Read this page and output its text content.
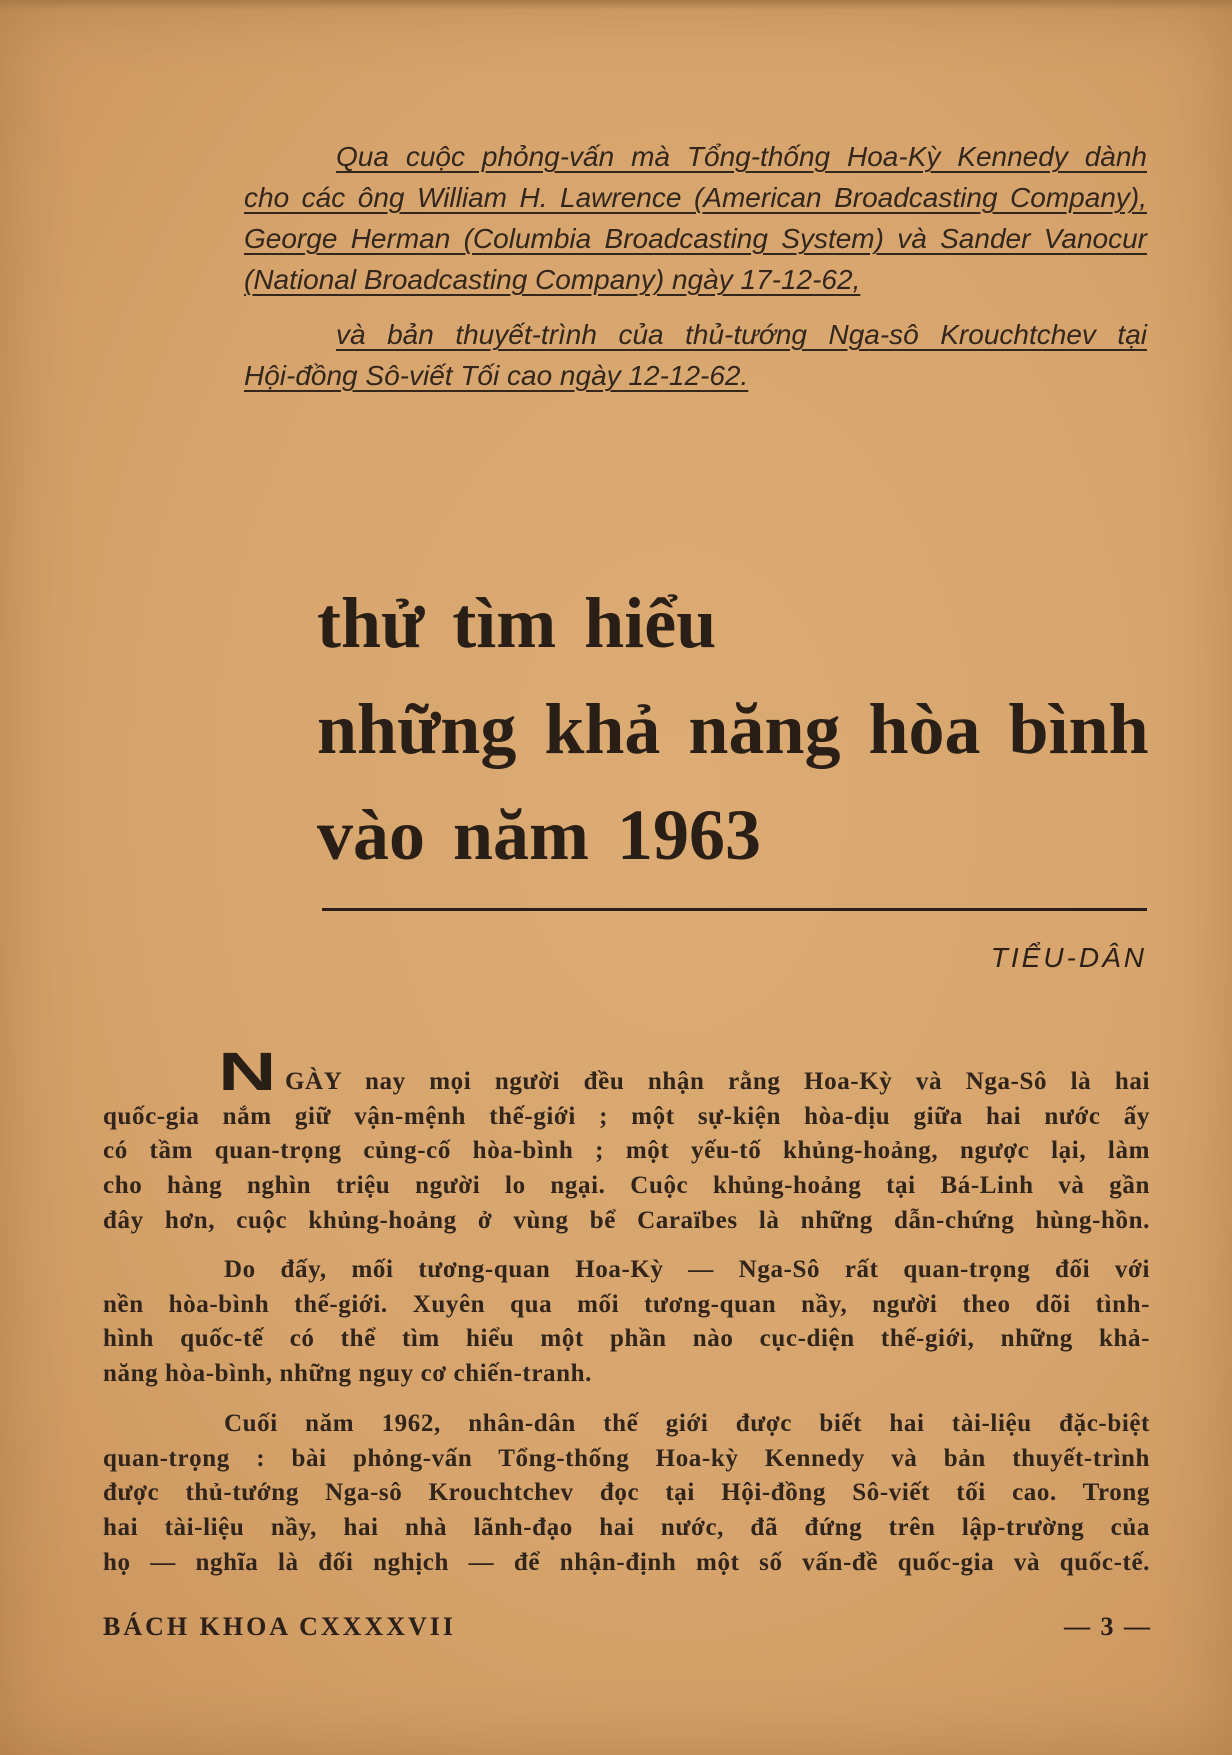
Qua cuộc phỏng-vấn mà Tổng-thống Hoa-Kỳ Kennedy dành
cho các ông William H. Lawrence (American Broadcasting Company),
George Herman (Columbia Broadcasting System) và Sander Vanocur
(National Broadcasting Company) ngày 17-12-62,
và bản thuyết-trình của thủ-tướng Nga-sô Krouchtchev tại
Hội-đồng Sô-viết Tối cao ngày 12-12-62.
thử tìm hiểu
những khả năng hòa bình
vào năm 1963
TIỂU-DÂN
N GÀY nay mọi người đều nhận rằng Hoa-Kỳ và Nga-Sô là hai
quốc-gia nắm giữ vận-mệnh thế-giới ; một sự-kiện hòa-dịu giữa hai nước ấy
có tầm quan-trọng củng-cố hòa-bình ; một yếu-tố khủng-hoảng, ngược lại, làm
cho hàng nghìn triệu người lo ngại. Cuộc khủng-hoảng tại Bá-Linh và gần
đây hơn, cuộc khủng-hoảng ở vùng bể Caraïbes là những dẫn-chứng hùng-hồn.
Do đấy, mối tương-quan Hoa-Kỳ — Nga-Sô rất quan-trọng đối với
nền hòa-bình thế-giới. Xuyên qua mối tương-quan nầy, người theo dõi tình-
hình quốc-tế có thể tìm hiểu một phần nào cục-diện thế-giới, những khả-
năng hòa-bình, những nguy cơ chiến-tranh.
Cuối năm 1962, nhân-dân thế giới được biết hai tài-liệu đặc-biệt
quan-trọng : bài phỏng-vấn Tổng-thống Hoa-kỳ Kennedy và bản thuyết-trình
được thủ-tướng Nga-sô Krouchtchev đọc tại Hội-đồng Sô-viết tối cao. Trong
hai tài-liệu nầy, hai nhà lãnh-đạo hai nước, đã đứng trên lập-trường của
họ — nghĩa là đối nghịch — để nhận-định một số vấn-đề quốc-gia và quốc-tế.
BÁCH KHOA CXXXXVII	— 3 —
